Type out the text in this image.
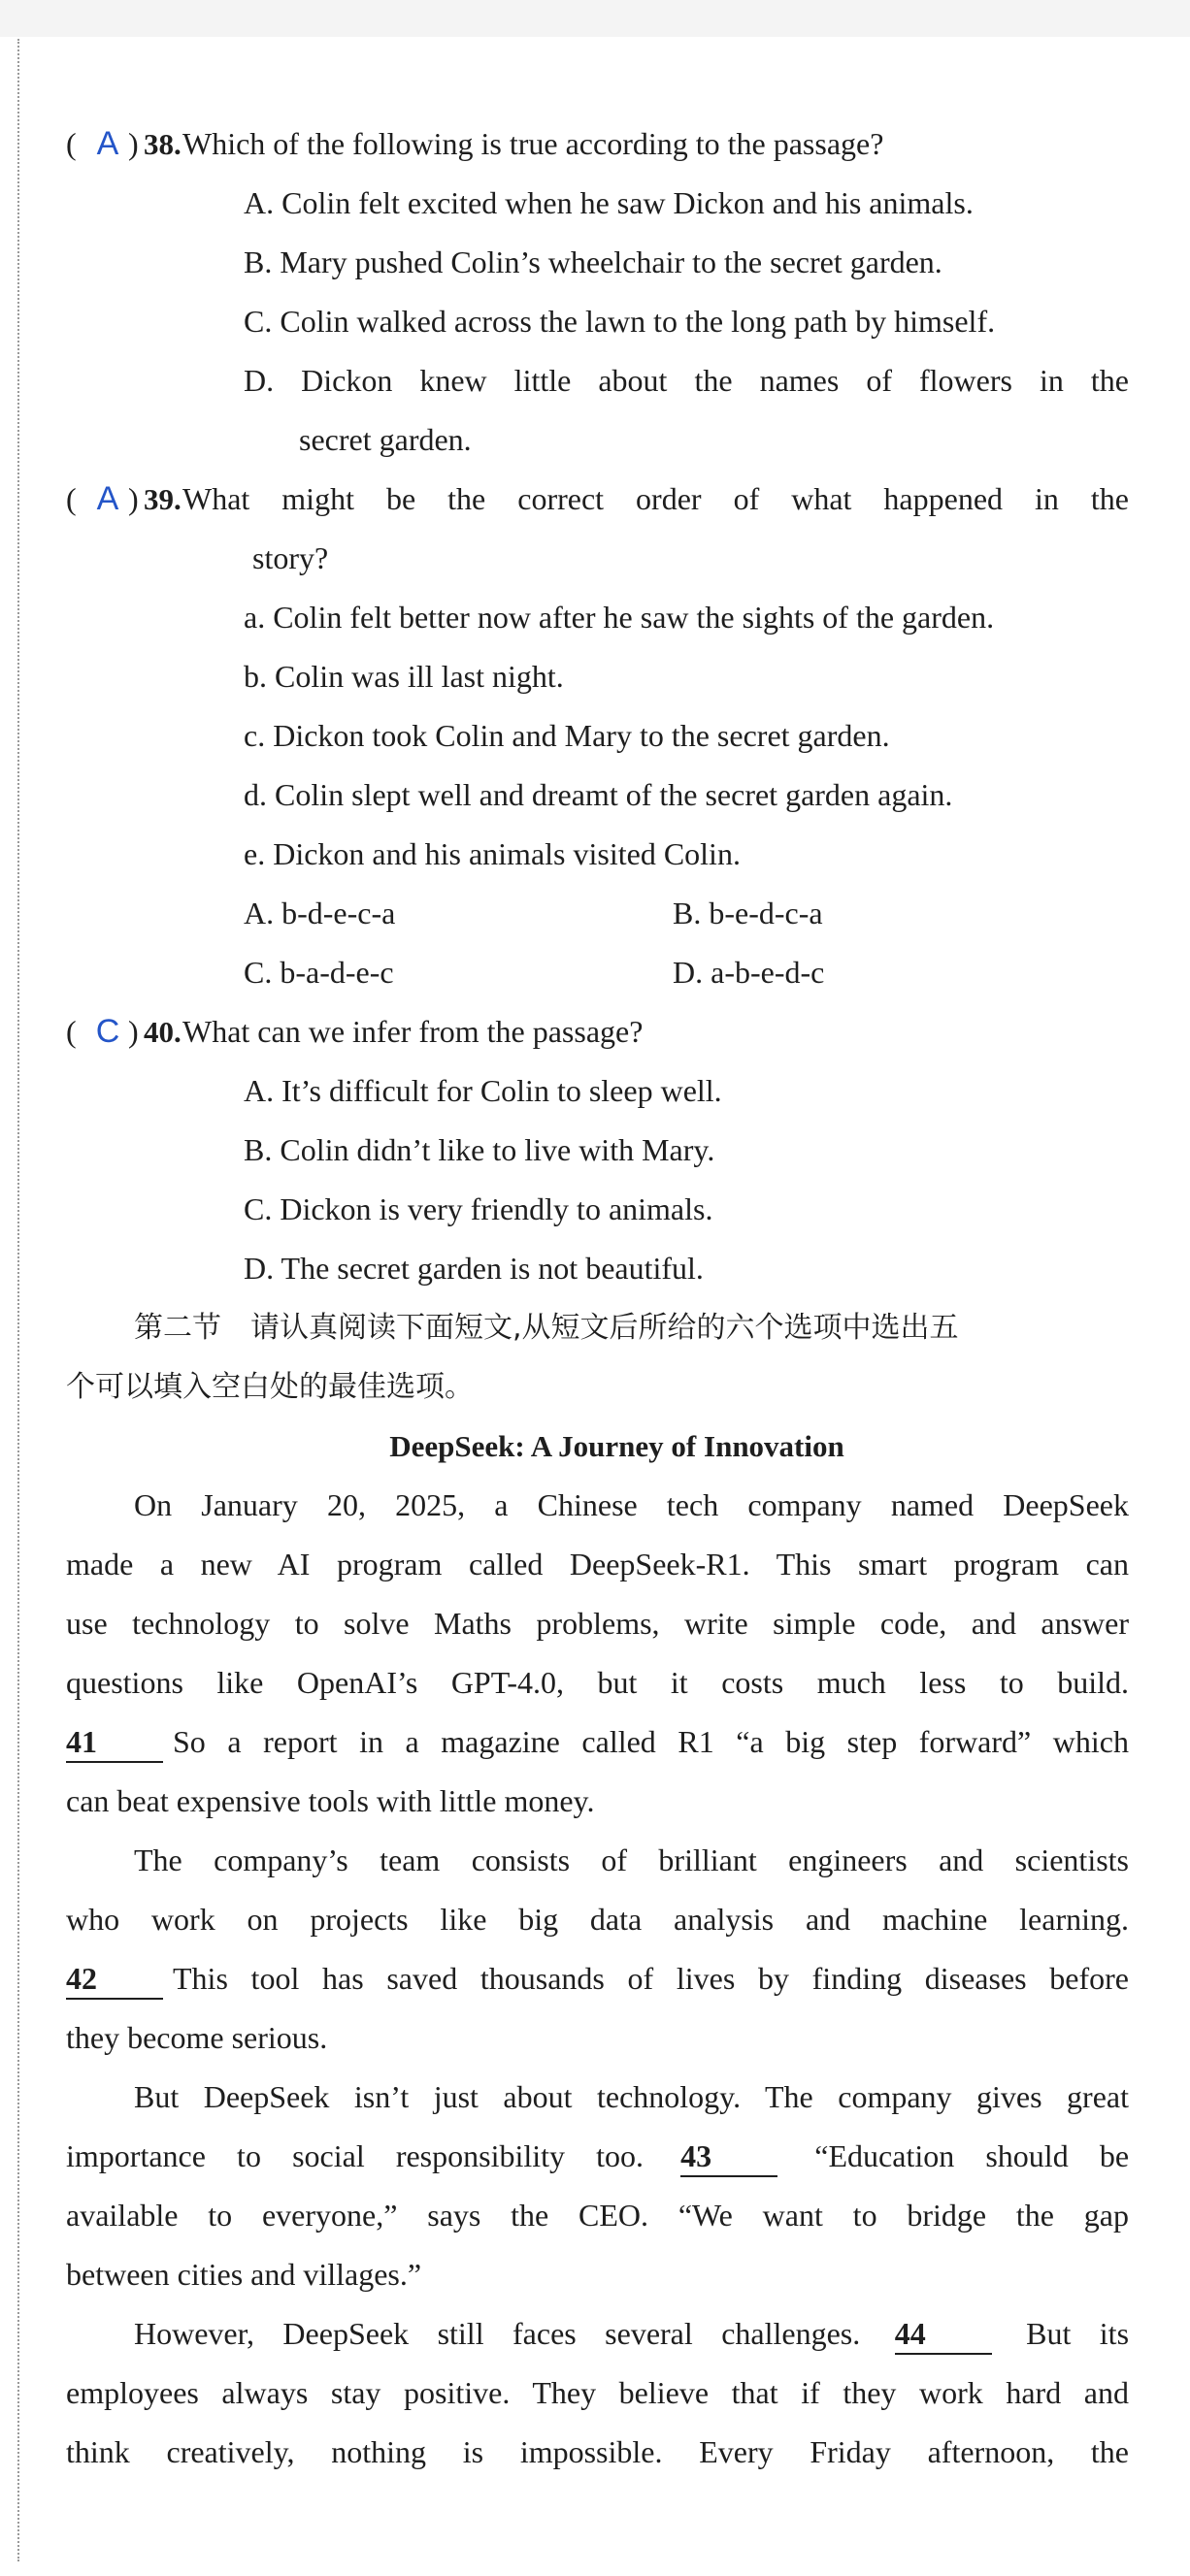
( A ) 38. Which of the following is true according to the passage?
A. Colin felt excited when he saw Dickon and his animals.
B. Mary pushed Colin’s wheelchair to the secret garden.
C. Colin walked across the lawn to the long path by himself.
D. Dickon knew little about the names of flowers in the
secret garden.
( A ) 39. What might be the correct order of what happened in the
story?
a. Colin felt better now after he saw the sights of the garden.
b. Colin was ill last night.
c. Dickon took Colin and Mary to the secret garden.
d. Colin slept well and dreamt of the secret garden again.
e. Dickon and his animals visited Colin.
A. b-d-e-c-a	B. b-e-d-c-a
C. b-a-d-e-c	D. a-b-e-d-c
( C ) 40. What can we infer from the passage?
A. It’s difficult for Colin to sleep well.
B. Colin didn’t like to live with Mary.
C. Dickon is very friendly to animals.
D. The secret garden is not beautiful.
第二节　请认真阅读下面短文,从短文后所给的六个选项中选出五
个可以填入空白处的最佳选项。
DeepSeek: A Journey of Innovation
On January 20, 2025, a Chinese tech company named DeepSeek
made a new AI program called DeepSeek-R1. This smart program can
use technology to solve Maths problems, write simple code, and answer
questions like OpenAI’s GPT-4.0, but it costs much less to build.
41 So a report in a magazine called R1 “a big step forward” which
can beat expensive tools with little money.
The company’s team consists of brilliant engineers and scientists
who work on projects like big data analysis and machine learning.
42 This tool has saved thousands of lives by finding diseases before
they become serious.
But DeepSeek isn’t just about technology. The company gives great
importance to social responsibility too. 43	“Education should be
available to everyone,” says the CEO. “We want to bridge the gap
between cities and villages.”
However, DeepSeek still faces several challenges. 44	But its
employees always stay positive. They believe that if they work hard and
think creatively, nothing is impossible. Every Friday afternoon, the
